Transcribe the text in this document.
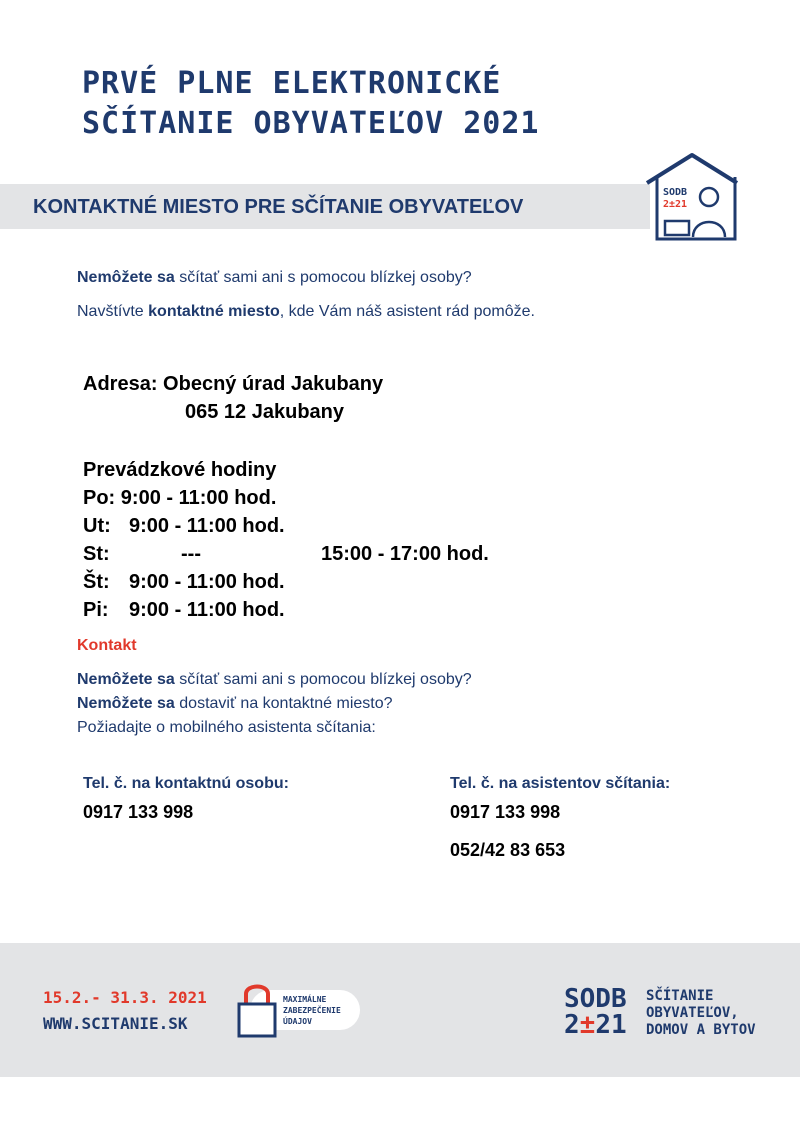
PRVÉ PLNE ELEKTRONICKÉ
SČÍTANIE OBYVATEĽOV 2021
KONTAKTNÉ MIESTO PRE SČÍTANIE OBYVATEĽOV
SODB
2±21

Nemôžete sa sčítať sami ani s pomocou blízkej osoby?

Navštívte kontaktné miesto, kde Vám náš asistent rád pomôže.

Adresa: Obecný úrad Jakubany
065 12 Jakubany
Prevádzkové hodiny
Po: 9:00 - 11:00 hod.
Ut: 9:00 - 11:00 hod.
St:	---	15:00 - 17:00 hod.
Št: 9:00 - 11:00 hod.
Pi: 9:00 - 11:00 hod.
Kontakt
Nemôžete sa sčítať sami ani s pomocou blízkej osoby?
Nemôžete sa dostaviť na kontaktné miesto?
Požiadajte o mobilného asistenta sčítania:
Tel. č. na kontaktnú osobu:
0917 133 998
Tel. č. na asistentov sčítania:
0917 133 998
052/42 83 653
15.2.- 31.3. 2021
WWW.SCITANIE.SK
MAXIMÁLNE
ZABEZPEČENIE
ÚDAJOV
SODB
2±21
SČÍTANIE
OBYVATEĽOV,
DOMOV A BYTOV
